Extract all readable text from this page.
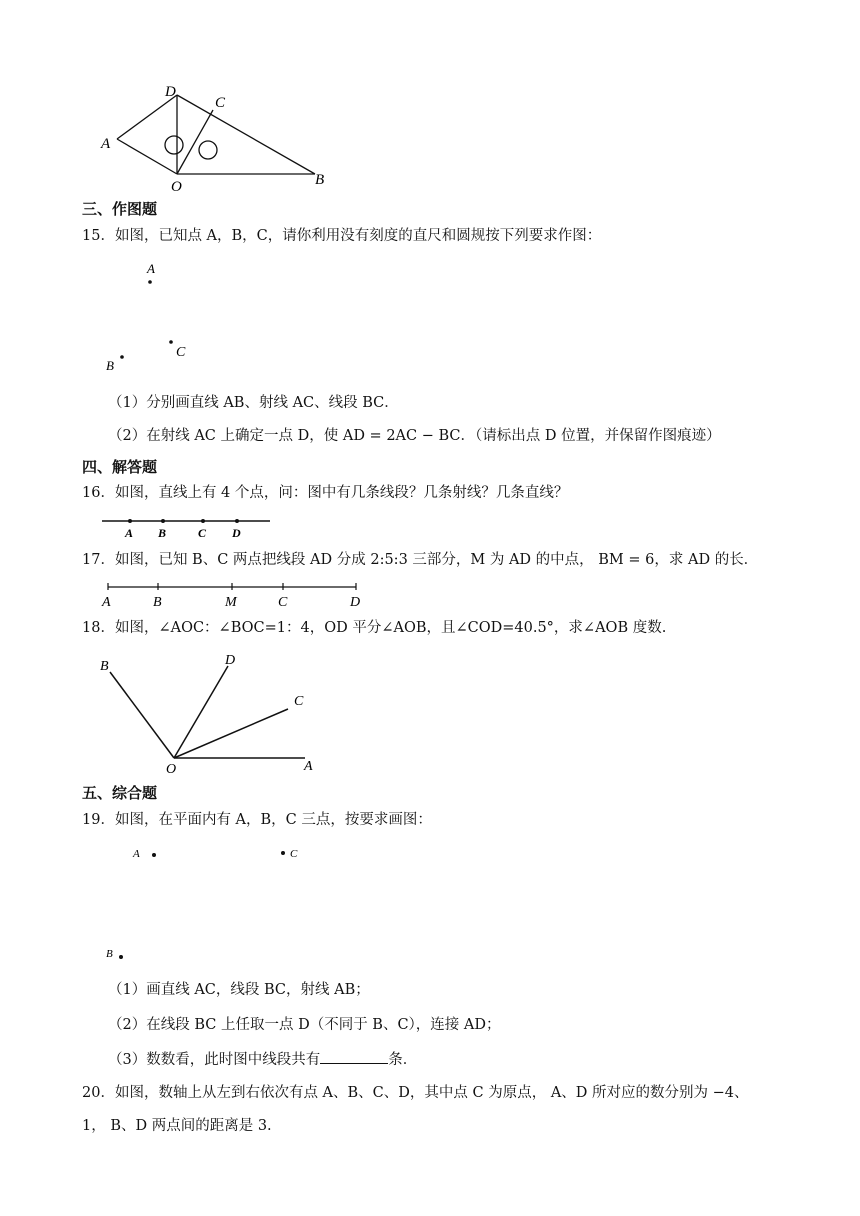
D
C
A
O	B
三、作图题
15．如图，已知点 A，B，C，请你利用没有刻度的直尺和圆规按下列要求作图：
A
C
B
（1）分别画直线 AB、射线 AC、线段 BC．
（2）在射线 AC 上确定一点 D，使 AD = 2AC − BC．（请标出点 D 位置，并保留作图痕迹）
四、解答题
16．如图，直线上有 4 个点，问：图中有几条线段？几条射线？几条直线？
A B	C D
17．如图，已知 B、C 两点把线段 AD 分成 2:5:3 三部分，M 为 AD 的中点， BM = 6，求 AD 的长．
A	B	M	C	D
18．如图，∠AOC：∠BOC=1：4，OD 平分∠AOB，且∠COD=40.5°，求∠AOB 度数.
B	D
C
O	A
五、综合题
19．如图，在平面内有 A，B，C 三点，按要求画图：
A	C
B
（1）画直线 AC，线段 BC，射线 AB；
（2）在线段 BC 上任取一点 D（不同于 B、C），连接 AD；
（3）数数看，此时图中线段共有	条．
20．如图，数轴上从左到右依次有点 A、B、C、D，其中点 C 为原点， A、D 所对应的数分别为 −4、
1， B、D 两点间的距离是 3.
